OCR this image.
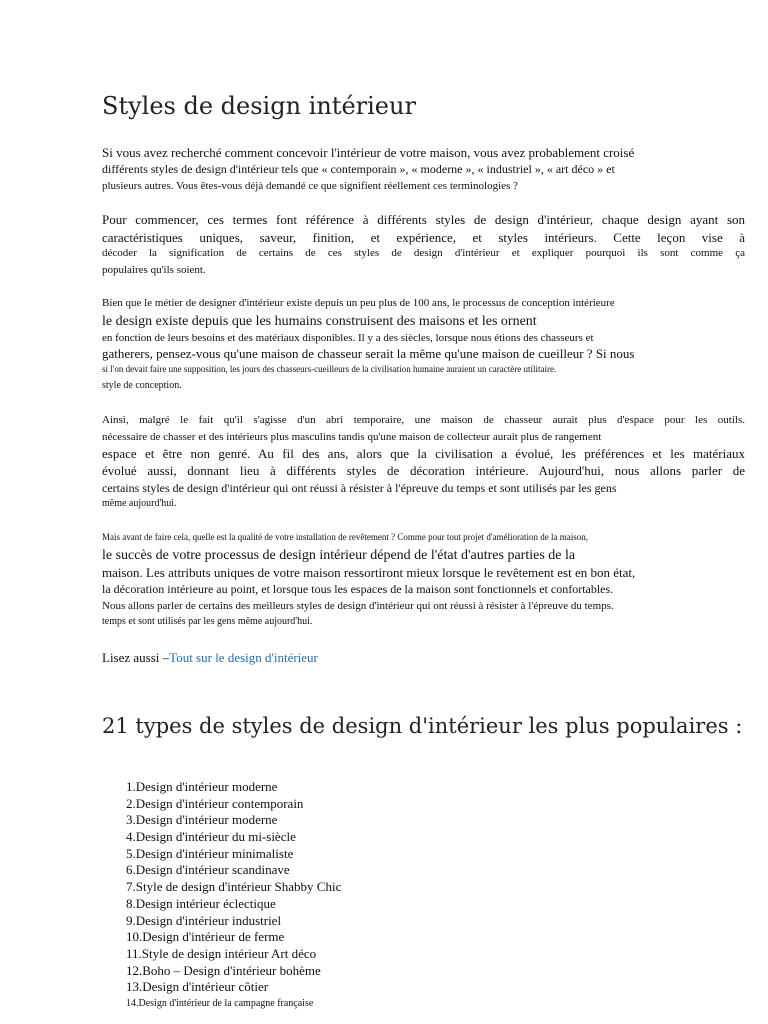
Styles de design intérieur
Si vous avez recherché comment concevoir l'intérieur de votre maison, vous avez probablement croisé
différents styles de design d'intérieur tels que « contemporain », « moderne », « industriel », « art déco » et
plusieurs autres. Vous êtes-vous déjà demandé ce que signifient réellement ces terminologies ?
Pour commencer, ces termes font référence à différents styles de design d'intérieur, chaque design ayant son
caractéristiques uniques, saveur, finition, et expérience, et styles intérieurs. Cette leçon vise à
décoder la signification de certains de ces styles de design d'intérieur et expliquer pourquoi ils sont comme ça
populaires qu'ils soient.
Bien que le métier de designer d'intérieur existe depuis un peu plus de 100 ans, le processus de conception intérieure
le design existe depuis que les humains construisent des maisons et les ornent
en fonction de leurs besoins et des matériaux disponibles. Il y a des siècles, lorsque nous étions des chasseurs et
gatherers, pensez-vous qu'une maison de chasseur serait la même qu'une maison de cueilleur ? Si nous
si l'on devait faire une supposition, les jours des chasseurs-cueilleurs de la civilisation humaine auraient un caractère utilitaire.
style de conception.
Ainsi, malgré le fait qu'il s'agisse d'un abri temporaire, une maison de chasseur aurait plus d'espace pour les outils.
nécessaire de chasser et des intérieurs plus masculins tandis qu'une maison de collecteur aurait plus de rangement
espace et être non genré. Au fil des ans, alors que la civilisation a évolué, les préférences et les matériaux
évolué aussi, donnant lieu à différents styles de décoration intérieure. Aujourd'hui, nous allons parler de
certains styles de design d'intérieur qui ont réussi à résister à l'épreuve du temps et sont utilisés par les gens
même aujourd'hui.
Mais avant de faire cela, quelle est la qualité de votre installation de revêtement ? Comme pour tout projet d'amélioration de la maison,
le succès de votre processus de design intérieur dépend de l'état d'autres parties de la
maison. Les attributs uniques de votre maison ressortiront mieux lorsque le revêtement est en bon état,
la décoration intérieure au point, et lorsque tous les espaces de la maison sont fonctionnels et confortables.
Nous allons parler de certains des meilleurs styles de design d'intérieur qui ont réussi à résister à l'épreuve du temps.
temps et sont utilisés par les gens même aujourd'hui.
Lisez aussi –Tout sur le design d'intérieur
21 types de styles de design d'intérieur les plus populaires :
1.Design d'intérieur moderne
2.Design d'intérieur contemporain
3.Design d'intérieur moderne
4.Design d'intérieur du mi-siècle
5.Design d'intérieur minimaliste
6.Design d'intérieur scandinave
7.Style de design d'intérieur Shabby Chic
8.Design intérieur éclectique
9.Design d'intérieur industriel
10.Design d'intérieur de ferme
11.Style de design intérieur Art déco
12.Boho – Design d'intérieur bohème
13.Design d'intérieur côtier
14.Design d'intérieur de la campagne française
